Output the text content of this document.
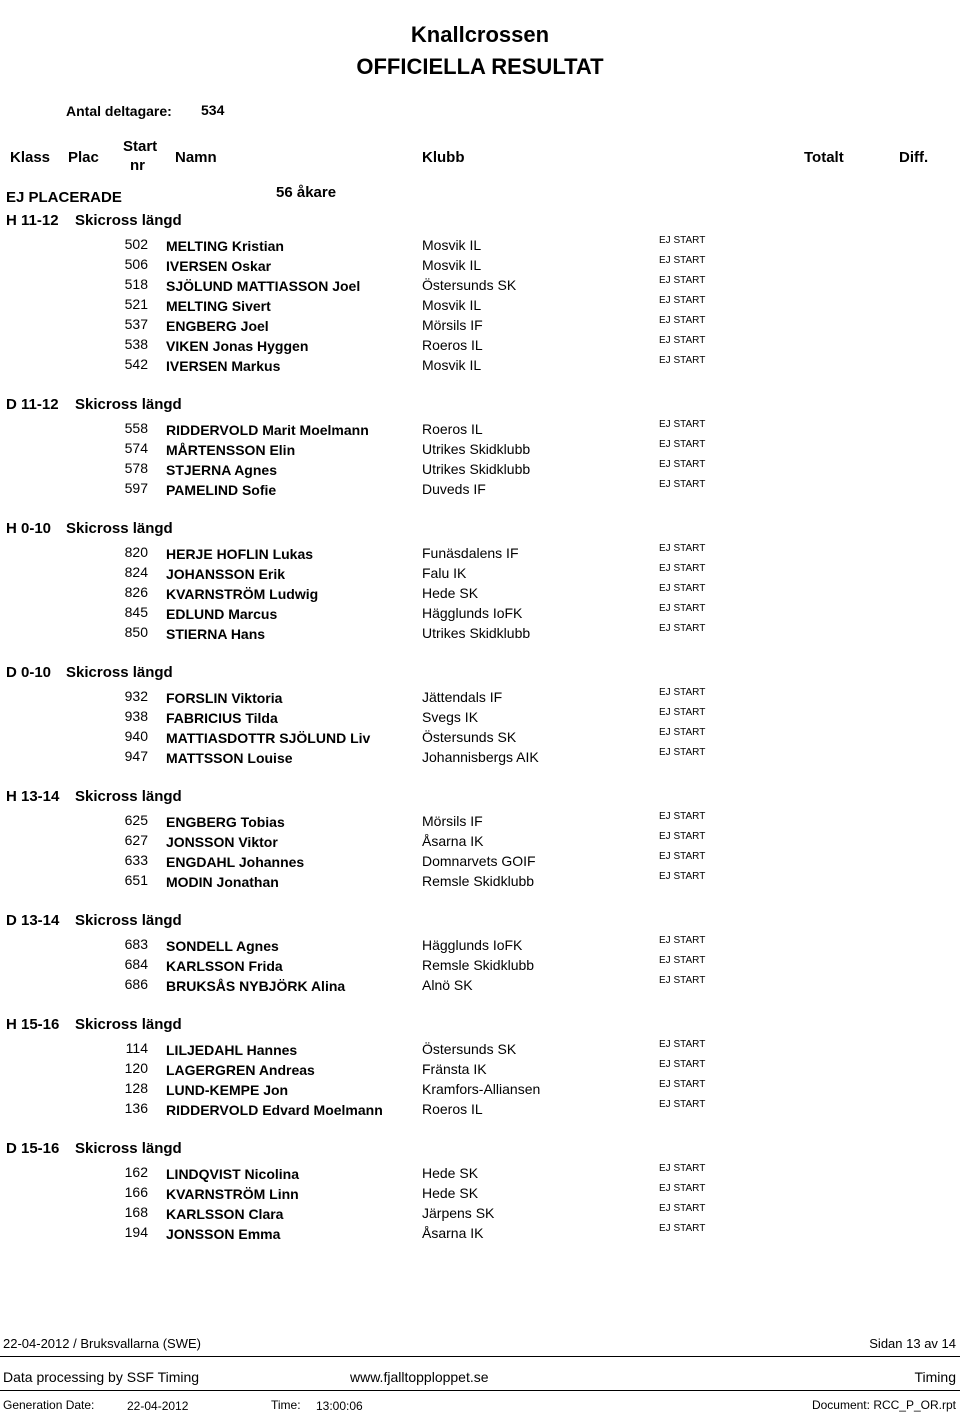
Knallcrossen
OFFICIELLA RESULTAT
Antal deltagare: 534
Klass Plac
Start
nr Namn	Klubb	Totalt	Diff.
EJ PLACERADE	56 åkare
H 11-12 Skicross längd
502 MELTING Kristian	Mosvik IL	EJ START
506 IVERSEN Oskar	Mosvik IL	EJ START
518 SJÖLUND MATTIASSON Joel	Östersunds SK	EJ START
521 MELTING Sivert	Mosvik IL	EJ START
537 ENGBERG Joel	Mörsils IF	EJ START
538 VIKEN Jonas Hyggen	Roeros IL	EJ START
542 IVERSEN Markus	Mosvik IL	EJ START
D 11-12 Skicross längd
558 RIDDERVOLD Marit Moelmann	Roeros IL	EJ START
574 MÅRTENSSON Elin	Utrikes Skidklubb	EJ START
578 STJERNA Agnes	Utrikes Skidklubb	EJ START
597 PAMELIND Sofie	Duveds IF	EJ START
H 0-10 Skicross längd
820 HERJE HOFLIN Lukas	Funäsdalens IF	EJ START
824 JOHANSSON Erik	Falu IK	EJ START
826 KVARNSTRÖM Ludwig	Hede SK	EJ START
845 EDLUND Marcus	Hägglunds IoFK	EJ START
850 STIERNA Hans	Utrikes Skidklubb	EJ START
D 0-10 Skicross längd
932 FORSLIN Viktoria	Jättendals IF	EJ START
938 FABRICIUS Tilda	Svegs IK	EJ START
940 MATTIASDOTTR SJÖLUND Liv	Östersunds SK	EJ START
947 MATTSSON Louise	Johannisbergs AIK	EJ START
H 13-14 Skicross längd
625 ENGBERG Tobias	Mörsils IF	EJ START
627 JONSSON Viktor	Åsarna IK	EJ START
633 ENGDAHL Johannes	Domnarvets GOIF	EJ START
651 MODIN Jonathan	Remsle Skidklubb	EJ START
D 13-14 Skicross längd
683 SONDELL Agnes	Hägglunds IoFK	EJ START
684 KARLSSON Frida	Remsle Skidklubb	EJ START
686 BRUKSÅS NYBJÖRK Alina	Alnö SK	EJ START
H 15-16 Skicross längd
114 LILJEDAHL Hannes	Östersunds SK	EJ START
120 LAGERGREN Andreas	Fränsta IK	EJ START
128 LUND-KEMPE Jon	Kramfors-Alliansen	EJ START
136 RIDDERVOLD Edvard Moelmann	Roeros IL	EJ START
D 15-16 Skicross längd
162 LINDQVIST Nicolina	Hede SK	EJ START
166 KVARNSTRÖM Linn	Hede SK	EJ START
168 KARLSSON Clara	Järpens SK	EJ START
194 JONSSON Emma	Åsarna IK	EJ START
22-04-2012 / Bruksvallarna (SWE)	Sidan 13 av 14
Data processing by SSF Timing	www.fjalltopploppet.se	Timing
Generation Date:	22-04-2012	Time: 13:00:06	Document: RCC_P_OR.rpt
